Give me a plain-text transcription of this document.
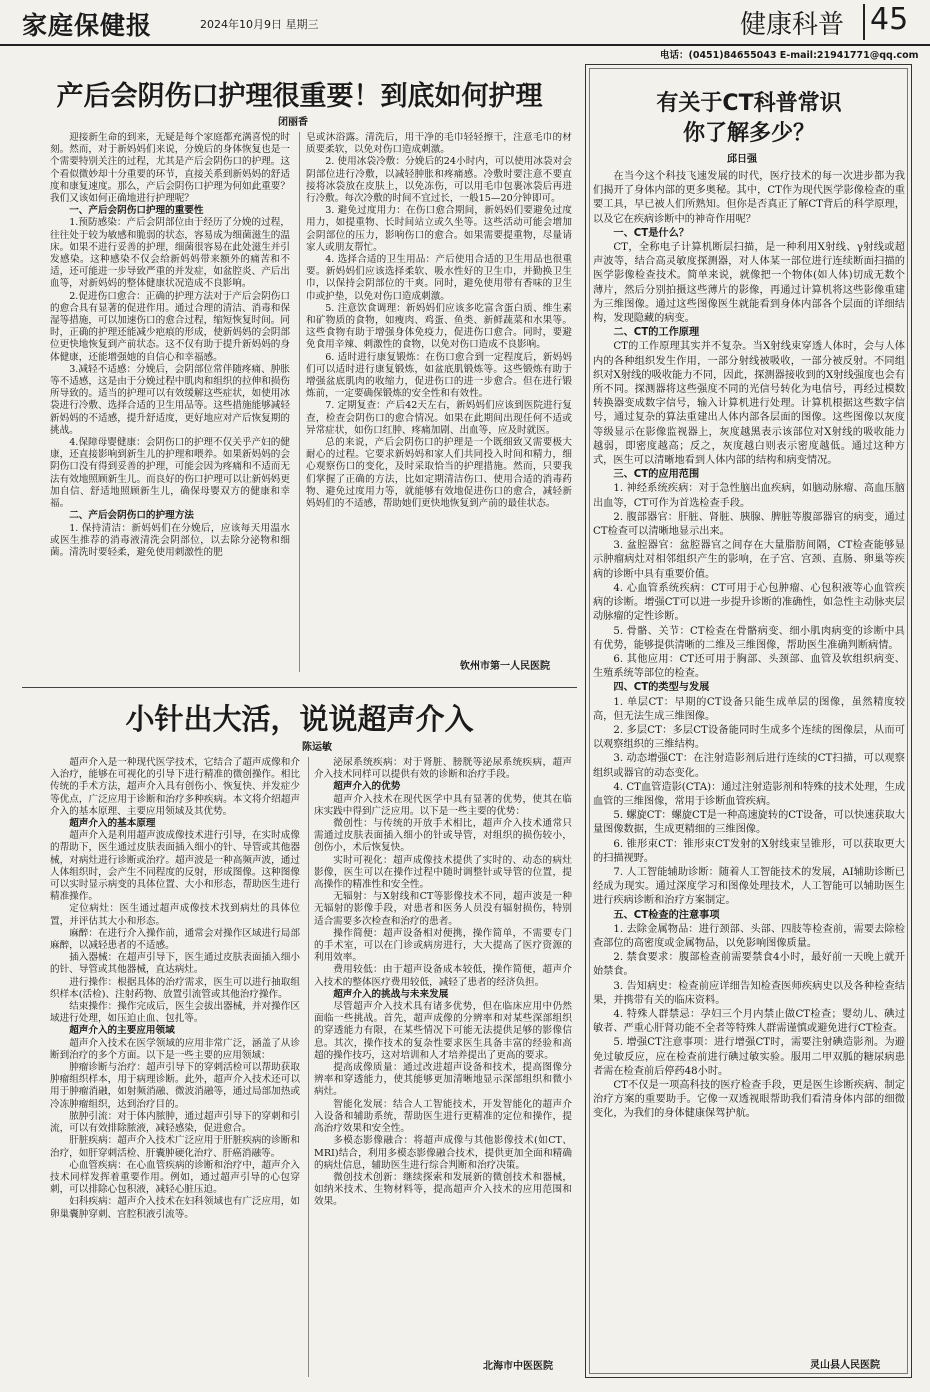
家庭保健报	2024年10月9日 星期三	健康科普 45
电话：(0451)84655043 E-mail:21941771@qq.com
产后会阴伤口护理很重要！到底如何护理
闭丽香

迎接新生命的到来，无疑是每个家庭都充满喜悦的时刻。然而，对于新妈妈们来说，分娩后的身体恢复也是一个需要特别关注的过程，尤其是产后会阴伤口的护理。这个看似微妙却十分重要的环节，直接关系到新妈妈的舒适度和康复速度。那么，产后会阴伤口护理为何如此重要？我们又该如何正确地进行护理呢？

一、产后会阴伤口护理的重要性

1.预防感染：产后会阴部位由于经历了分娩的过程，往往处于较为敏感和脆弱的状态，容易成为细菌滋生的温床。如果不进行妥善的护理，细菌很容易在此处滋生并引发感染。这种感染不仅会给新妈妈带来额外的痛苦和不适，还可能进一步导致严重的并发症，如盆腔炎、产后出血等，对新妈妈的整体健康状况造成不良影响。

2.促进伤口愈合：正确的护理方法对于产后会阴伤口的愈合具有显著的促进作用。通过合理的清洁、消毒和保湿等措施，可以加速伤口的愈合过程，缩短恢复时间。同时，正确的护理还能减少疤痕的形成，使新妈妈的会阴部位更快地恢复到产前状态。这不仅有助于提升新妈妈的身体健康，还能增强她的自信心和幸福感。

3.减轻不适感：分娩后，会阴部位常伴随疼痛、肿胀等不适感，这是由于分娩过程中肌肉和组织的拉伸和损伤所导致的。适当的护理可以有效缓解这些症状，如使用冰袋进行冷敷、选择合适的卫生用品等。这些措施能够减轻新妈妈的不适感，提升舒适度，更好地应对产后恢复期的挑战。

4.保障母婴健康：会阴伤口的护理不仅关乎产妇的健康，还直接影响到新生儿的护理和喂养。如果新妈妈的会阴伤口没有得到妥善的护理，可能会因为疼痛和不适而无法有效地照顾新生儿。而良好的伤口护理可以让新妈妈更加自信、舒适地照顾新生儿，确保母婴双方的健康和幸福。

二、产后会阴伤口的护理方法

1. 保持清洁：新妈妈们在分娩后，应该每天用温水或医生推荐的消毒液清洗会阴部位，以去除分泌物和细菌。清洗时要轻柔，避免使用刺激性的肥

皂或沐浴露。清洗后，用干净的毛巾轻轻擦干，注意毛巾的材质要柔软，以免对伤口造成刺激。

2. 使用冰袋冷敷：分娩后的24小时内，可以使用冰袋对会阴部位进行冷敷，以减轻肿胀和疼痛感。冷敷时要注意不要直接将冰袋放在皮肤上，以免冻伤，可以用毛巾包裹冰袋后再进行冷敷。每次冷敷的时间不宜过长，一般15—20分钟即可。

3. 避免过度用力：在伤口愈合期间，新妈妈们要避免过度用力，如提重物、长时间站立或久坐等。这些活动可能会增加会阴部位的压力，影响伤口的愈合。如果需要提重物，尽量请家人或朋友帮忙。

4. 选择合适的卫生用品：产后使用合适的卫生用品也很重要。新妈妈们应该选择柔软、吸水性好的卫生巾，并勤换卫生巾，以保持会阴部位的干爽。同时，避免使用带有香味的卫生巾或护垫，以免对伤口造成刺激。

5. 注意饮食调理：新妈妈们应该多吃富含蛋白质、维生素和矿物质的食物，如瘦肉、鸡蛋、鱼类、新鲜蔬菜和水果等。这些食物有助于增强身体免疫力，促进伤口愈合。同时，要避免食用辛辣、刺激性的食物，以免对伤口造成不良影响。

6. 适时进行康复锻炼：在伤口愈合到一定程度后，新妈妈们可以适时进行康复锻炼，如盆底肌锻炼等。这些锻炼有助于增强盆底肌肉的收缩力，促进伤口的进一步愈合。但在进行锻炼前，一定要确保锻炼的安全性和有效性。

7. 定期复查：产后42天左右，新妈妈们应该到医院进行复查，检查会阴伤口的愈合情况。如果在此期间出现任何不适或异常症状，如伤口红肿、疼痛加剧、出血等，应及时就医。

总的来说，产后会阴伤口的护理是一个既细致又需要极大耐心的过程。它要求新妈妈和家人们共同投入时间和精力，细心观察伤口的变化，及时采取恰当的护理措施。然而，只要我们掌握了正确的方法，比如定期清洁伤口、使用合适的消毒药物、避免过度用力等，就能够有效地促进伤口的愈合，减轻新妈妈们的不适感，帮助她们更快地恢复到产前的最佳状态。

钦州市第一人民医院
小针出大活，说说超声介入
陈运敏

超声介入是一种现代医学技术，它结合了超声成像和介入治疗，能够在可视化的引导下进行精准的微创操作。相比传统的手术方法，超声介入具有创伤小、恢复快、并发症少等优点，广泛应用于诊断和治疗多种疾病。本文将介绍超声介入的基本原理、主要应用领域及其优势。

超声介入的基本原理

超声介入是利用超声波成像技术进行引导，在实时成像的帮助下，医生通过皮肤表面插入细小的针、导管或其他器械，对病灶进行诊断或治疗。超声波是一种高频声波，通过人体组织时，会产生不同程度的反射，形成图像。这种图像可以实时显示病变的具体位置、大小和形态，帮助医生进行精准操作。

定位病灶：医生通过超声成像技术找到病灶的具体位置，并评估其大小和形态。

麻醉：在进行介入操作前，通常会对操作区域进行局部麻醉，以减轻患者的不适感。

插入器械：在超声引导下，医生通过皮肤表面插入细小的针、导管或其他器械，直达病灶。

进行操作：根据具体的治疗需求，医生可以进行抽取组织样本(活检)、注射药物、放置引流管或其他治疗操作。

结束操作：操作完成后，医生会拔出器械，并对操作区域进行处理，如压迫止血、包扎等。

超声介入的主要应用领域

超声介入技术在医学领域的应用非常广泛，涵盖了从诊断到治疗的多个方面。以下是一些主要的应用领域：

肿瘤诊断与治疗：超声引导下的穿刺活检可以帮助获取肿瘤组织样本，用于病理诊断。此外，超声介入技术还可以用于肿瘤消融，如射频消融、微波消融等，通过局部加热或冷冻肿瘤组织，达到治疗目的。

脓肿引流：对于体内脓肿，通过超声引导下的穿刺和引流，可以有效排除脓液，减轻感染，促进愈合。

肝脏疾病：超声介入技术广泛应用于肝脏疾病的诊断和治疗，如肝穿刺活检、肝囊肿硬化治疗、肝癌消融等。

心血管疾病：在心血管疾病的诊断和治疗中，超声介入技术同样发挥着重要作用。例如，通过超声引导的心包穿刺，可以排除心包积液，减轻心脏压迫。

妇科疾病：超声介入技术在妇科领域也有广泛应用，如卵巢囊肿穿刺、宫腔积液引流等。

泌尿系统疾病：对于肾脏、膀胱等泌尿系统疾病，超声介入技术同样可以提供有效的诊断和治疗手段。

超声介入的优势

超声介入技术在现代医学中具有显著的优势，使其在临床实践中得到广泛应用。以下是一些主要的优势：

微创性：与传统的开放手术相比，超声介入技术通常只需通过皮肤表面插入细小的针或导管，对组织的损伤较小，创伤小，术后恢复快。

实时可视化：超声成像技术提供了实时的、动态的病灶影像，医生可以在操作过程中随时调整针或导管的位置，提高操作的精准性和安全性。

无辐射：与X射线和CT等影像技术不同，超声波是一种无辐射的影像手段，对患者和医务人员没有辐射损伤，特别适合需要多次检查和治疗的患者。

操作简便：超声设备相对便携，操作简单，不需要专门的手术室，可以在门诊或病房进行，大大提高了医疗资源的利用效率。

费用较低：由于超声设备成本较低，操作简便，超声介入技术的整体医疗费用较低，减轻了患者的经济负担。

超声介入的挑战与未来发展

尽管超声介入技术具有诸多优势，但在临床应用中仍然面临一些挑战。首先，超声成像的分辨率和对某些深部组织的穿透能力有限，在某些情况下可能无法提供足够的影像信息。其次，操作技术的复杂性要求医生具备丰富的经验和高超的操作技巧，这对培训和人才培养提出了更高的要求。

提高成像质量：通过改进超声设备和技术，提高图像分辨率和穿透能力，使其能够更加清晰地显示深部组织和微小病灶。

智能化发展：结合人工智能技术，开发智能化的超声介入设备和辅助系统，帮助医生进行更精准的定位和操作，提高治疗效果和安全性。

多模态影像融合：将超声成像与其他影像技术(如CT、MRI)结合，利用多模态影像融合技术，提供更加全面和精确的病灶信息，辅助医生进行综合判断和治疗决策。

微创技术创新：继续探索和发展新的微创技术和器械，如纳米技术、生物材料等，提高超声介入技术的应用范围和效果。

北海市中医医院
有关于CT科普常识
你了解多少？
邱日强

在当今这个科技飞速发展的时代，医疗技术的每一次进步都为我们揭开了身体内部的更多奥秘。其中，CT作为现代医学影像检查的重要工具，早已被人们所熟知。但你是否真正了解CT背后的科学原理，以及它在疾病诊断中的神奇作用呢？

一、CT是什么？

CT，全称电子计算机断层扫描，是一种利用X射线、γ射线或超声波等，结合高灵敏度探测器，对人体某一部位进行连续断面扫描的医学影像检查技术。简单来说，就像把一个物体(如人体)切成无数个薄片，然后分别拍摄这些薄片的影像，再通过计算机将这些影像重建为三维图像。通过这些图像医生就能看到身体内部各个层面的详细结构，发现隐藏的病变。

二、CT的工作原理

CT的工作原理其实并不复杂。当X射线束穿透人体时，会与人体内的各种组织发生作用，一部分射线被吸收，一部分被反射。不同组织对X射线的吸收能力不同，因此，探测器接收到的X射线强度也会有所不同。探测器将这些强度不同的光信号转化为电信号，再经过模数转换器变成数字信号，输入计算机进行处理。计算机根据这些数字信号，通过复杂的算法重建出人体内部各层面的图像。这些图像以灰度等级显示在影像监视器上，灰度越黑表示该部位对X射线的吸收能力越弱，即密度越高；反之，灰度越白则表示密度越低。通过这种方式，医生可以清晰地看到人体内部的结构和病变情况。

三、CT的应用范围

1. 神经系统疾病：对于急性脑出血疾病，如脑动脉瘤、高血压脑出血等，CT可作为首选检查手段。

2. 腹部器官：肝脏、肾脏、胰腺、脾脏等腹部器官的病变，通过CT检查可以清晰地显示出来。

3. 盆腔器官：盆腔器官之间存在大量脂肪间隔，CT检查能够显示肿瘤病灶对相邻组织产生的影响，在子宫、宫颈、直肠、卵巢等疾病的诊断中具有重要价值。

4. 心血管系统疾病：CT可用于心包肿瘤、心包积液等心血管疾病的诊断。增强CT可以进一步提升诊断的准确性，如急性主动脉夹层动脉瘤的定性诊断。

5. 骨骼、关节：CT检查在骨骼病变、细小肌肉病变的诊断中具有优势，能够提供清晰的二维及三维图像，帮助医生准确判断病情。

6. 其他应用：CT还可用于胸部、头颈部、血管及软组织病变、生殖系统等部位的检查。

四、CT的类型与发展

1. 单层CT：早期的CT设备只能生成单层的图像，虽然精度较高，但无法生成三维图像。

2. 多层CT：多层CT设备能同时生成多个连续的图像层，从而可以观察组织的三维结构。

3. 动态增强CT：在注射造影剂后进行连续的CT扫描，可以观察组织或器官的动态变化。

4. CT血管造影(CTA)：通过注射造影剂和特殊的技术处理，生成血管的三维图像，常用于诊断血管疾病。

5. 螺旋CT：螺旋CT是一种高速旋转的CT设备，可以快速获取大量图像数据，生成更精细的三维图像。

6. 锥形束CT：锥形束CT发射的X射线束呈锥形，可以获取更大的扫描视野。

7. 人工智能辅助诊断：随着人工智能技术的发展，AI辅助诊断已经成为现实。通过深度学习和图像处理技术，人工智能可以辅助医生进行疾病诊断和治疗方案制定。

五、CT检查的注意事项

1. 去除金属物品：进行颈部、头部、四肢等检查前，需要去除检查部位的高密度或金属物品，以免影响图像质量。

2. 禁食要求：腹部检查前需要禁食4小时，最好前一天晚上就开始禁食。

3. 告知病史：检查前应详细告知检查医师疾病史以及各种检查结果，并携带有关的临床资料。

4. 特殊人群禁忌：孕妇三个月内禁止做CT检查；婴幼儿、碘过敏者、严重心肝肾功能不全者等特殊人群需谨慎或避免进行CT检查。

5. 增强CT注意事项：进行增强CT时，需要注射碘造影剂。为避免过敏反应，应在检查前进行碘过敏实验。服用二甲双胍的糖尿病患者需在检查前后停药48小时。

CT不仅是一项高科技的医疗检查手段，更是医生诊断疾病、制定治疗方案的重要助手。它像一双透视眼帮助我们看清身体内部的细微变化，为我们的身体健康保驾护航。

灵山县人民医院
